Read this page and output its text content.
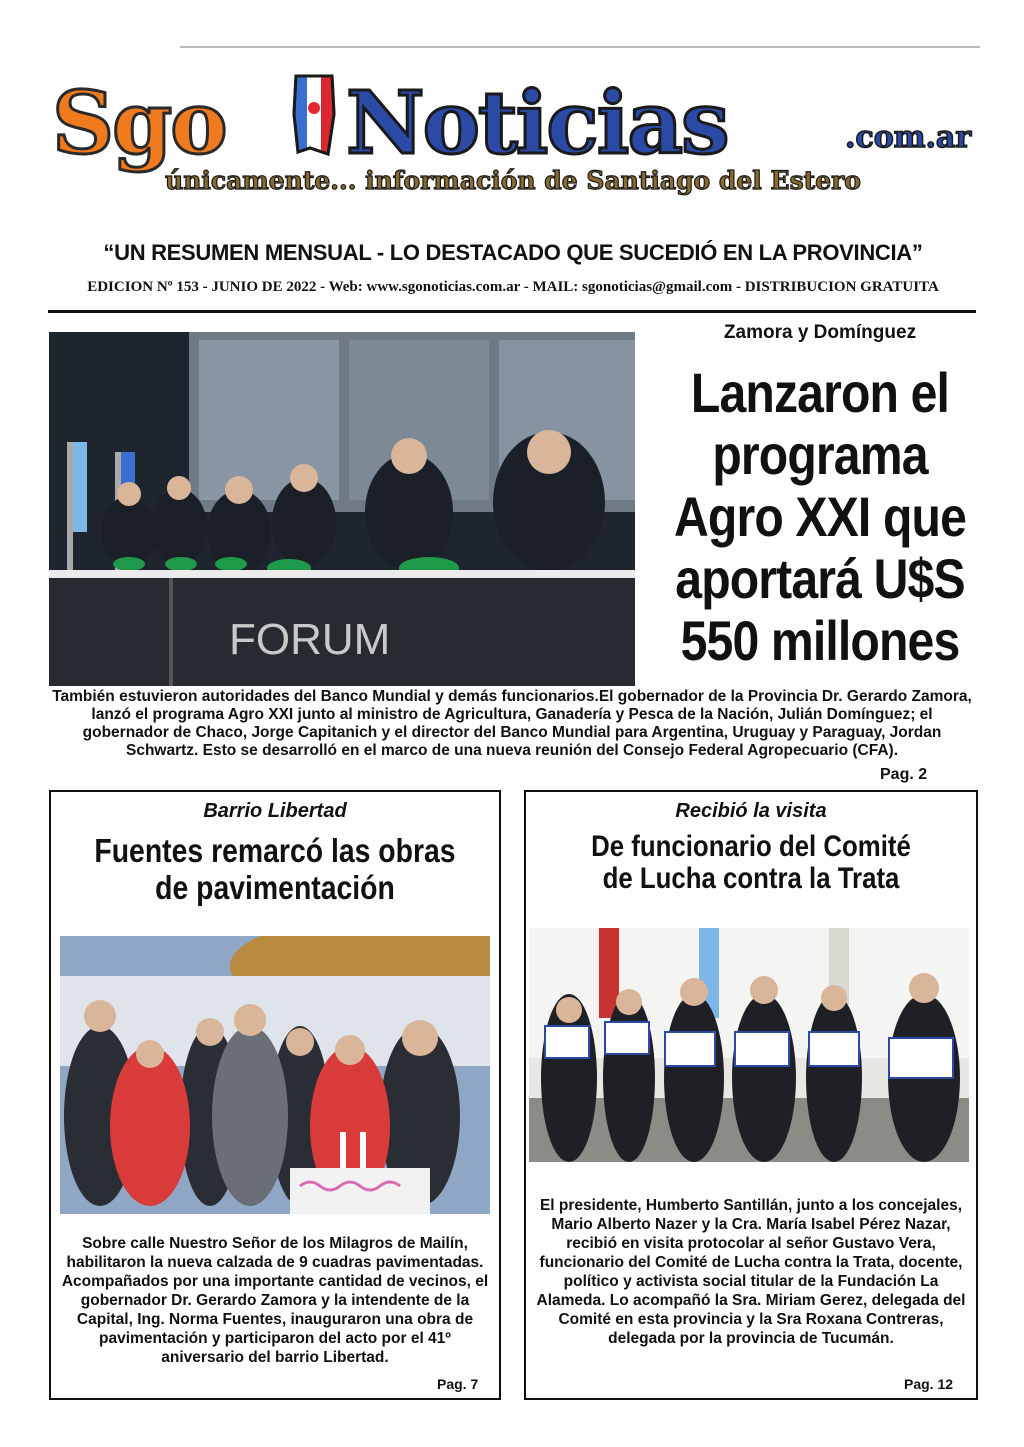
Sgo Noticias	.com.ar
únicamente... información de Santiago del Estero
“UN RESUMEN MENSUAL - LO DESTACADO QUE SUCEDIÓ EN LA PROVINCIA”
EDICION Nº 153 - JUNIO DE 2022 - Web: www.sgonoticias.com.ar - MAIL: sgonoticias@gmail.com - DISTRIBUCION GRATUITA
FORUM
Zamora y Domínguez
Lanzaron el programa Agro XXI que aportará U$S 550 millones
También estuvieron autoridades del Banco Mundial y demás funcionarios.El gobernador de la Provincia Dr. Gerardo Zamora, lanzó el programa Agro XXI junto al ministro de Agricultura, Ganadería y Pesca de la Nación, Julián Domínguez; el gobernador de Chaco, Jorge Capitanich y el director del Banco Mundial para Argentina, Uruguay y Paraguay, Jordan Schwartz. Esto se desarrolló en el marco de una nueva reunión del Consejo Federal Agropecuario (CFA).
Pag. 2
Barrio Libertad
Fuentes remarcó las obras
de pavimentación
Sobre calle Nuestro Señor de los Milagros de Mailín, habilitaron la nueva calzada de 9 cuadras pavimentadas. Acompañados por una importante cantidad de vecinos, el gobernador Dr. Gerardo Zamora y la intendente de la Capital, Ing. Norma Fuentes, inauguraron una obra de pavimentación y participaron del acto por el 41º aniversario del barrio Libertad.
Pag. 7
Recibió la visita
De funcionario del Comité
de Lucha contra la Trata
El presidente, Humberto Santillán, junto a los concejales, Mario Alberto Nazer y la Cra. María Isabel Pérez Nazar, recibió en visita protocolar al señor Gustavo Vera, funcionario del Comité de Lucha contra la Trata, docente, político y activista social titular de la Fundación La Alameda. Lo acompañó la Sra. Miriam Gerez, delegada del Comité en esta provincia y la Sra Roxana Contreras, delegada por la provincia de Tucumán.
Pag. 12
